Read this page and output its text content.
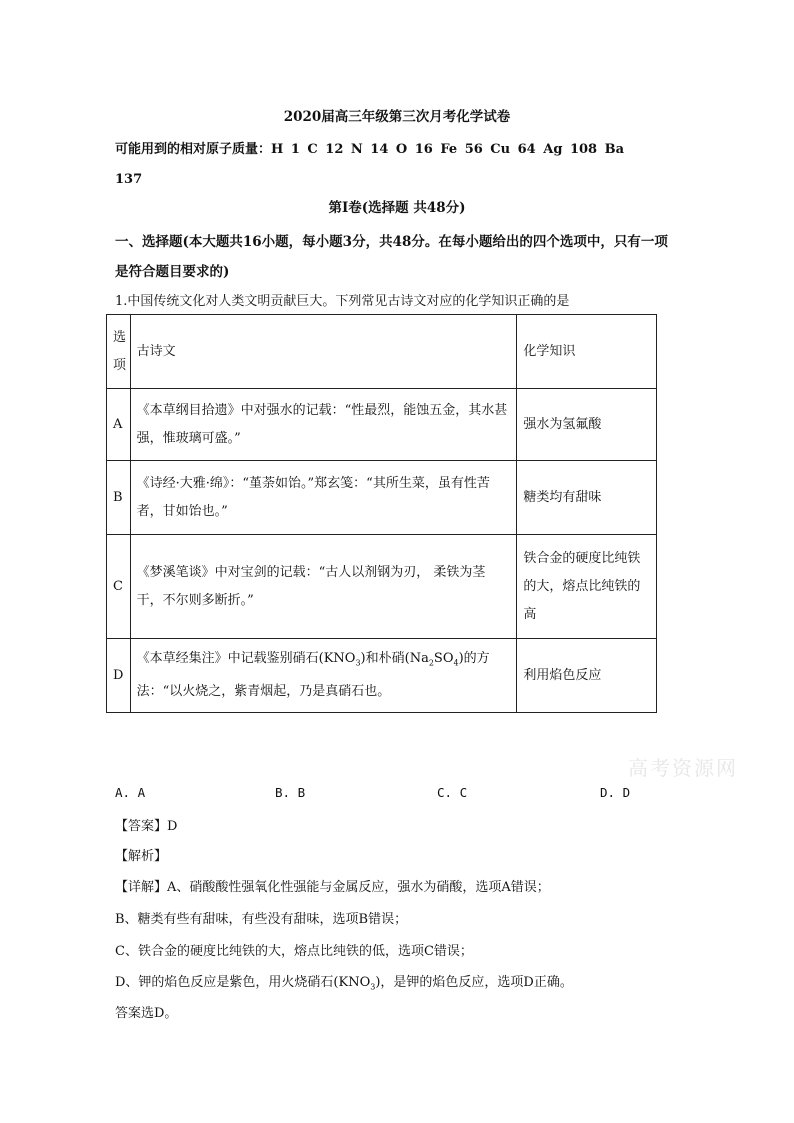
2020届高三年级第三次月考化学试卷
可能用到的相对原子质量：H 1 C 12 N 14 O 16 Fe 56 Cu 64 Ag 108 Ba
137
第Ⅰ卷(选择题 共48分)
一、选择题(本大题共16小题，每小题3分，共48分。在每小题给出的四个选项中，只有一项是符合题目要求的)
1.中国传统文化对人类文明贡献巨大。下列常见古诗文对应的化学知识正确的是
选项	古诗文	化学知识
A	《本草纲目拾遗》中对强水的记载：“性最烈，能蚀五金，其水甚强，惟玻璃可盛。”	强水为氢氟酸
B	《诗经·大雅·绵》：“堇荼如饴。”郑玄笺：“其所生菜，虽有性苦者，甘如饴也。”	糖类均有甜味
C	《梦溪笔谈》中对宝剑的记载：“古人以剂钢为刃， 柔铁为茎干，不尔则多断折。”	铁合金的硬度比纯铁的大，熔点比纯铁的高
D	《本草经集注》中记载鉴别硝石$(KNO_3)$和朴硝$(Na_2SO_4)$的方法：“以火烧之，紫青烟起，乃是真硝石也。	利用焰色反应
高考资源网
A. A	B. B	C. C	D. D
【答案】D
【解析】
【详解】A、硝酸酸性强氧化性强能与金属反应，强水为硝酸，选项A错误；
B、糖类有些有甜味，有些没有甜味，选项B错误；
C、铁合金的硬度比纯铁的大，熔点比纯铁的低，选项C错误；
D、钾的焰色反应是紫色，用火烧硝石$(KNO_3)$，是钾的焰色反应，选项D正确。
答案选D。
